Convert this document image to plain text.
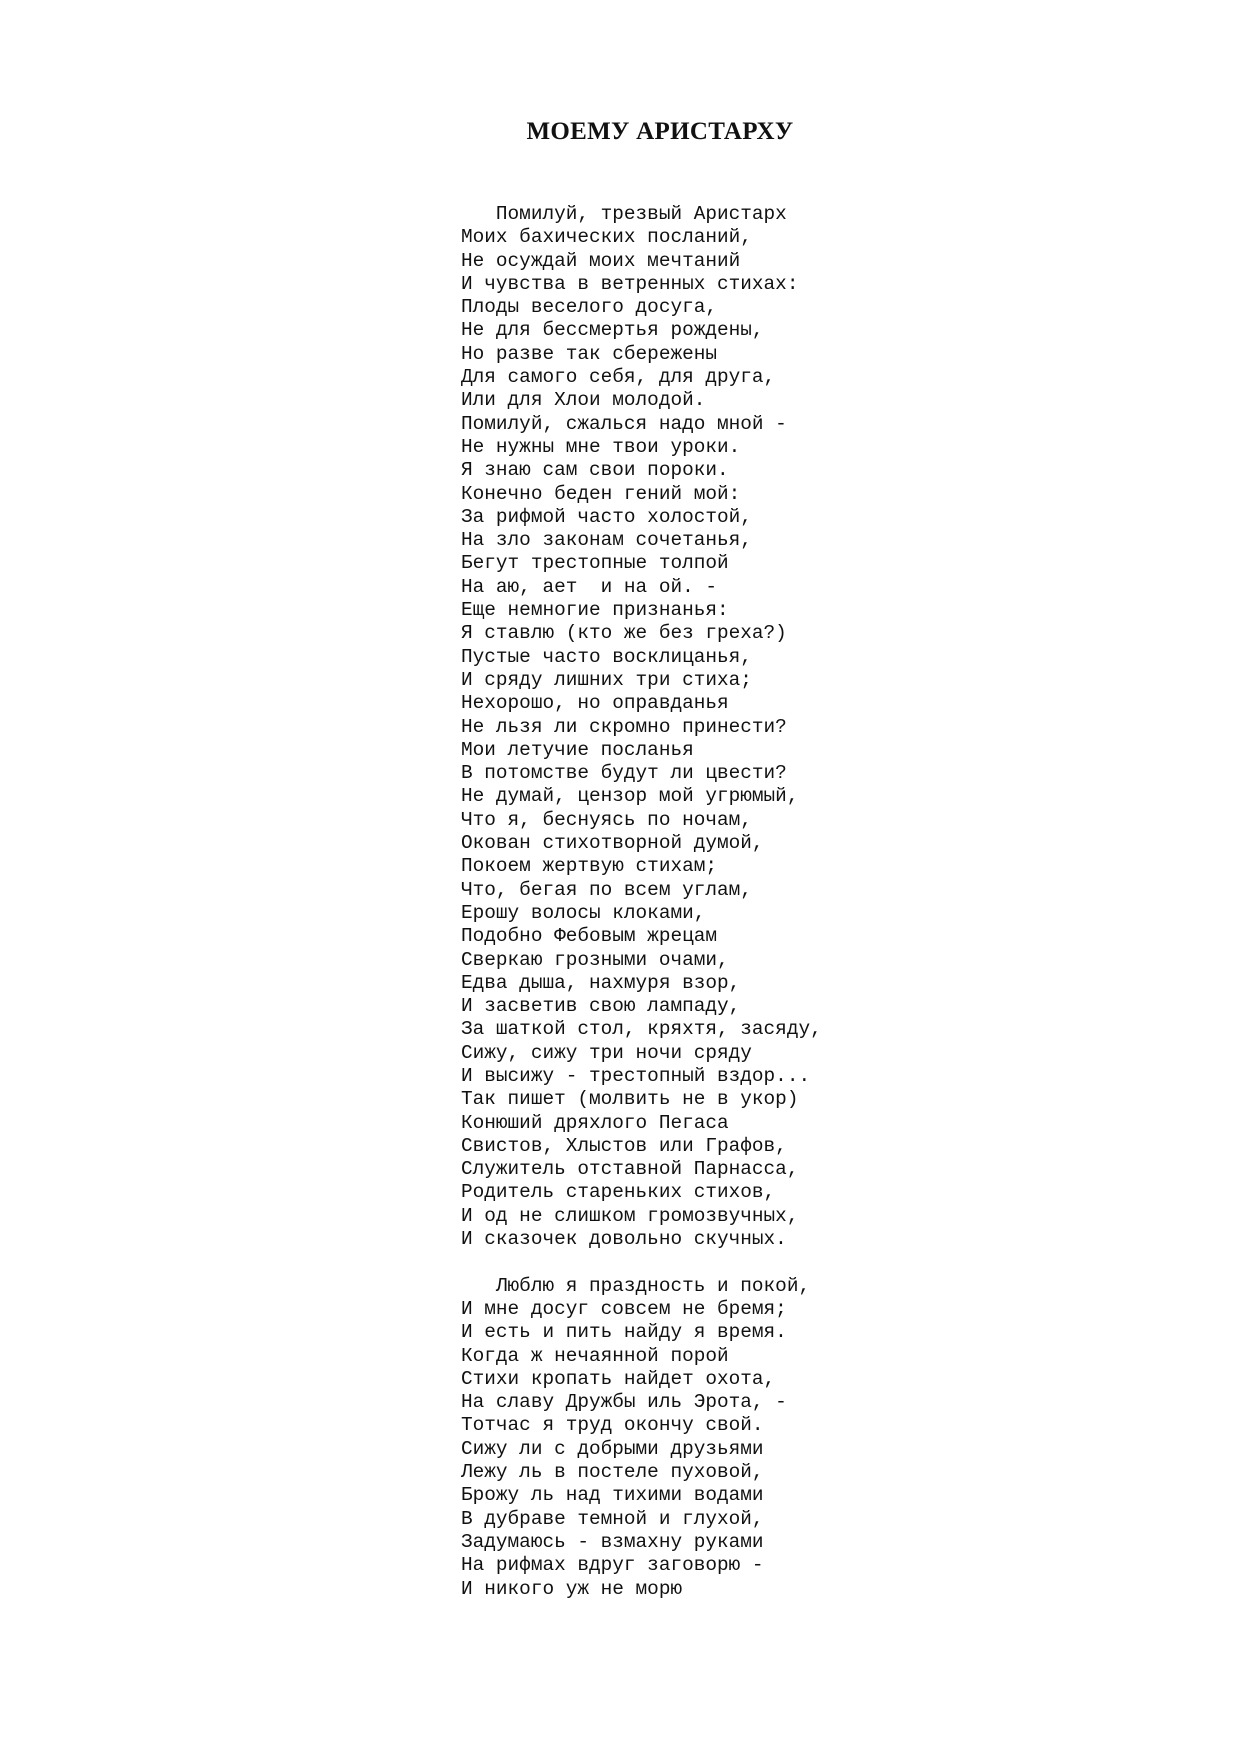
МОЕМУ АРИСТАРХУ
Помилуй, трезвый Аристарх
Моих бахических посланий,
Не осуждай моих мечтаний
И чувства в ветренных стихах:
Плоды веселого досуга,
Не для бессмертья рождены,
Но разве так сбережены
Для самого себя, для друга,
Или для Хлои молодой.
Помилуй, сжалься надо мной -
Не нужны мне твои уроки.
Я знаю сам свои пороки.
Конечно беден гений мой:
За рифмой часто холостой,
На зло законам сочетанья,
Бегут трестопные толпой
На аю, ает  и на ой. -
Еще немногие признанья:
Я ставлю (кто же без греха?)
Пустые часто восклицанья,
И сряду лишних три стиха;
Нехорошо, но оправданья
Не льзя ли скромно принести?
Мои летучие посланья
В потомстве будут ли цвести?
Не думай, цензор мой угрюмый,
Что я, беснуясь по ночам,
Окован стихотворной думой,
Покоем жертвую стихам;
Что, бегая по всем углам,
Ерошу волосы клоками,
Подобно Фебовым жрецам
Сверкаю грозными очами,
Едва дыша, нахмуря взор,
И засветив свою лампаду,
За шаткой стол, кряхтя, засяду,
Сижу, сижу три ночи сряду
И высижу - трестопный вздор...
Так пишет (молвить не в укор)
Конюший дряхлого Пегаса
Свистов, Хлыстов или Графов,
Служитель отставной Парнасса,
Родитель стареньких стихов,
И од не слишком громозвучных,
И сказочек довольно скучных.
Люблю я праздность и покой,
И мне досуг совсем не бремя;
И есть и пить найду я время.
Когда ж нечаянной порой
Стихи кропать найдет охота,
На славу Дружбы иль Эрота, -
Тотчас я труд окончу свой.
Сижу ли с добрыми друзьями
Лежу ль в постеле пуховой,
Брожу ль над тихими водами
В дубраве темной и глухой,
Задумаюсь - взмахну руками
На рифмах вдруг заговорю -
И никого уж не морю
